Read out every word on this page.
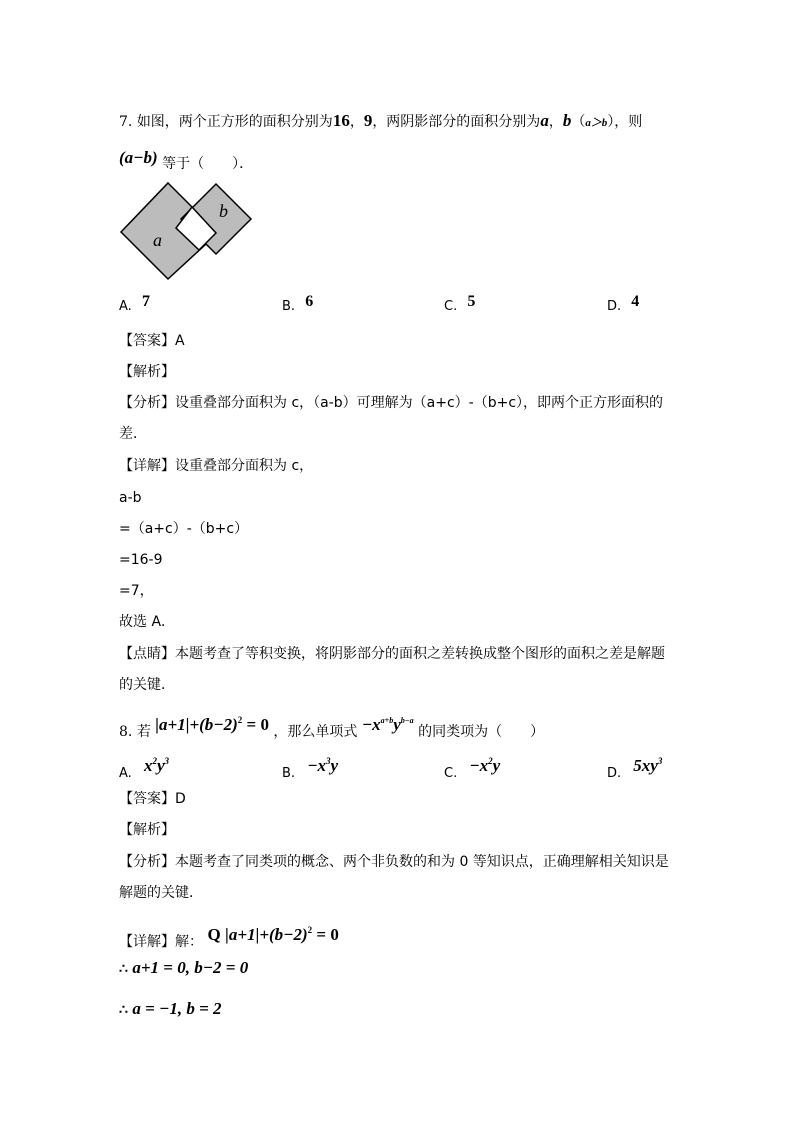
7. 如图，两个正方形的面积分别为16，9，两阴影部分的面积分别为a，b（a＞b），则
(a−b) 等于（　　）．
a
b
A. 7	B. 6	C. 5	D. 4
【答案】A
【解析】
【分析】设重叠部分面积为 c，（a-b）可理解为（a+c）-（b+c），即两个正方形面积的
差．
【详解】设重叠部分面积为 c，
a-b
=（a+c）-（b+c）
=16-9
=7，
故选 A．
【点睛】本题考查了等积变换，将阴影部分的面积之差转换成整个图形的面积之差是解题
的关键．
8. 若 $|a+1|+(b-2)^2 = 0$ ，那么单项式 $-x^{a+b}y^{b-a}$ 的同类项为（　　）
A. $x^2y^3$
B. $-x^3y$	C. $-x^2y$	D. $5xy^3$
【答案】D
【解析】
【分析】本题考查了同类项的概念、两个非负数的和为 0 等知识点，正确理解相关知识是
解题的关键．
【详解】解： Q $|a+1|+(b-2)^2 = 0$
∴ a+1 = 0, b−2 = 0
∴ a = −1, b = 2
